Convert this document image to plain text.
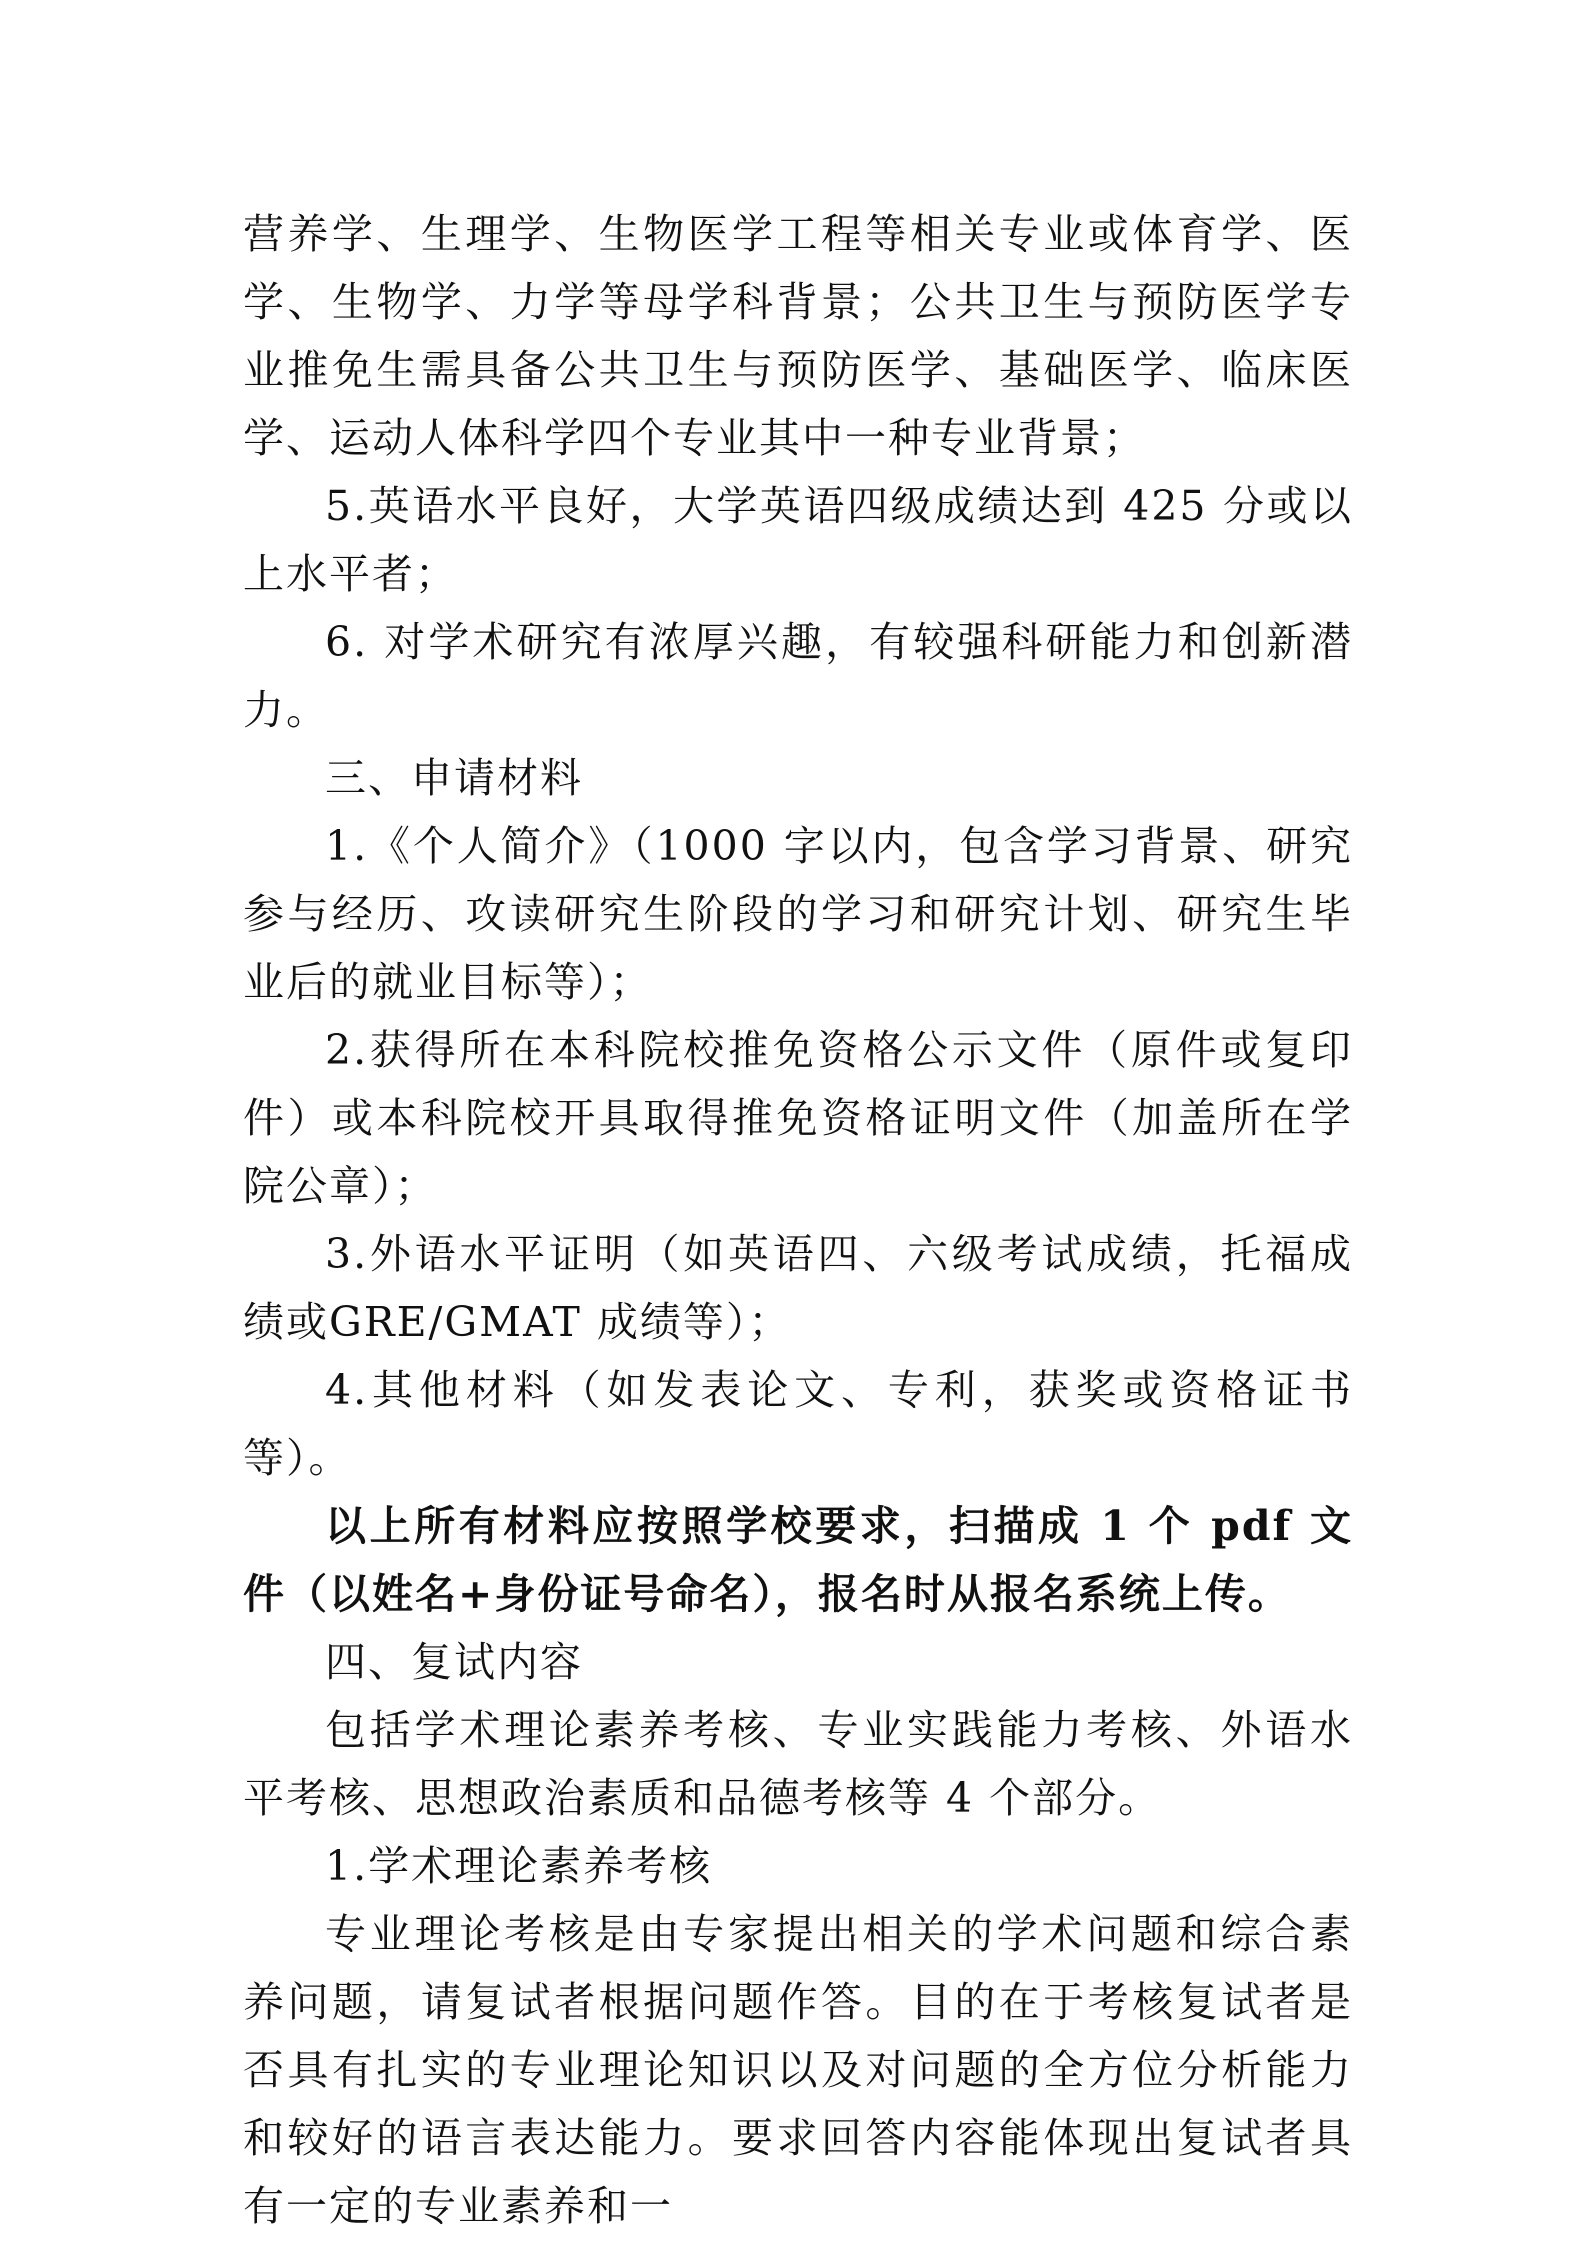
营养学、生理学、生物医学工程等相关专业或体育学、医学、生物学、力学等母学科背景；公共卫生与预防医学专业推免生需具备公共卫生与预防医学、基础医学、临床医学、运动人体科学四个专业其中一种专业背景；

5.英语水平良好，大学英语四级成绩达到 425 分或以上水平者；

6. 对学术研究有浓厚兴趣，有较强科研能力和创新潜力。

三、申请材料

1.《个人简介》（1000 字以内，包含学习背景、研究参与经历、攻读研究生阶段的学习和研究计划、研究生毕业后的就业目标等）；

2.获得所在本科院校推免资格公示文件（原件或复印件）或本科院校开具取得推免资格证明文件（加盖所在学院公章）；

3.外语水平证明（如英语四、六级考试成绩，托福成绩或GRE/GMAT 成绩等）；

4.其他材料（如发表论文、专利，获奖或资格证书等）。

以上所有材料应按照学校要求，扫描成 1 个 pdf 文件（以姓名+身份证号命名），报名时从报名系统上传。

四、复试内容

包括学术理论素养考核、专业实践能力考核、外语水平考核、思想政治素质和品德考核等 4 个部分。

1.学术理论素养考核

专业理论考核是由专家提出相关的学术问题和综合素养问题，请复试者根据问题作答。目的在于考核复试者是否具有扎实的专业理论知识以及对问题的全方位分析能力和较好的语言表达能力。要求回答内容能体现出复试者具有一定的专业素养和一
